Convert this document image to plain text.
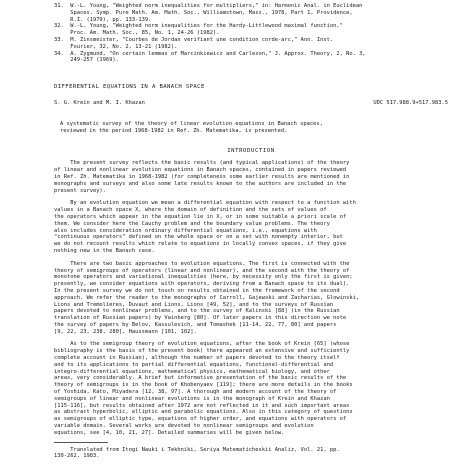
31.  W.-L. Young, "Weighted norm inequalities for multipliers," in: Harmonic Anal. in Euclidean
Spaces. Symp. Pure Math. Am. Math. Soc., Williamstown, Mass., 1978, Part 1, Providence,
R.I. (1979), pp. 133-139.
32.  W.-L. Young, "Weighted norm inequalities for the Hardy-Littlewood maximal function,"
Proc. Am. Math. Soc., 85, No. 1, 24-26 (1982).
33.  M. Zinsmeister, "Courbes de Jordan verifiant une condition corde-arc," Ann. Inst.
Fourier, 32, No. 2, 13-21 (1982).
34.  A. Zygmund, "On certain lemmas of Marcinkiewicz and Carleson," J. Approx. Theory, 2, No. 3,
249-257 (1969).
DIFFERENTIAL EQUATIONS IN A BANACH SPACE
S. G. Krein and M. I. Khazan	UDC 517.988.9+517.983.5
A systematic survey of the theory of linear evolution equations in Banach spaces,
reviewed in the period 1968-1982 in Ref. Zh. Matematika, is presented.
INTRODUCTION
The present survey reflects the basic results (and typical applications) of the theory
of linear and nonlinear evolution equations in Banach spaces, contained in papers reviewed
in Ref. Zh. Matematika in 1968-1982 (for completeness some earlier results are mentioned in
monographs and surveys and also some late results known to the authors are included in the
present survey).
By an evolution equation we mean a differential equation with respect to a function with
values in a Banach space X, where the domain of definition and the sets of values of
the operators which appear in the equation lie in X, or in some suitable a priori scale of
them. We consider here the Cauchy problem and the boundary value problems. The theory
also includes consideration ordinary differential equations, i.e., equations with
"continuous operators" defined on the whole space or on a set with nonempty interior, but
we do not recount results which relate to equations in locally convex spaces, if they give
nothing new in the Banach case.
There are two basic approaches to evolution equations. The first is connected with the
theory of semigroups of operators (linear and nonlinear), and the second with the theory of
monotone operators and variational inequalities (here, by necessity only the first is given;
presently, we consider equations with operators, deriving from a Banach space to its dual).
In the present survey we do not touch on results obtained in the framework of the second
approach. We refer the reader to the monographs of Carroll, Gajewski and Zacharias, Glowinski,
Lions and Tremolieres, Duvaut and Lions, Lions [49, 52], and to the surveys of Russian
papers devoted to nonlinear problems, and to the survey of Kalinski [88] (in the Russian
translation of Russian papers) by Vainberg [80]. Of later papers in this direction we note
the survey of papers by Belov, Kassulevich, and Tomashek [11-14, 22, 77, 80] and papers
[9, 22, 23, 238, 280], Haussmann [101, 102].
As to the semigroup theory of evolution equations, after the book of Krein [65] (whose
bibliography is the basis of the present book) there appeared an extensive and sufficiently
complete account in Russian), although the number of papers devoted to the theory itself
and to its applications to partial differential equations, functional-differential and
integro-differential equations, mathematical physics, mathematical biology, and other
areas, very considerably. A brief but informative presentation of the basic results of the
theory of semigroups is in the book of Khobenyaev [119]; there are more details in the books
of Yoshida, Kato, Miyadera [12, 38, 97]. A thorough and modern account of the theory of
semigroups of linear and nonlinear evolutions is in the monograph of Krein and Khazan
[115-116], but results obtained after 1972 are not reflected in it and such important areas
as abstract hyperbolic, elliptic and parabolic equations. Also in this category of questions
as semigroups of elliptic type, equations of higher order, and equations with operators of
variable domain. Several works are devoted to nonlinear semigroups and evolution
equations, see [4, 10, 21, 27]. Detailed summaries will be given below.
Translated from Itogi Nauki i Tekhniki, Seriya Matematicheskii Analiz, Vol. 21, pp.
130-262, 1983.
